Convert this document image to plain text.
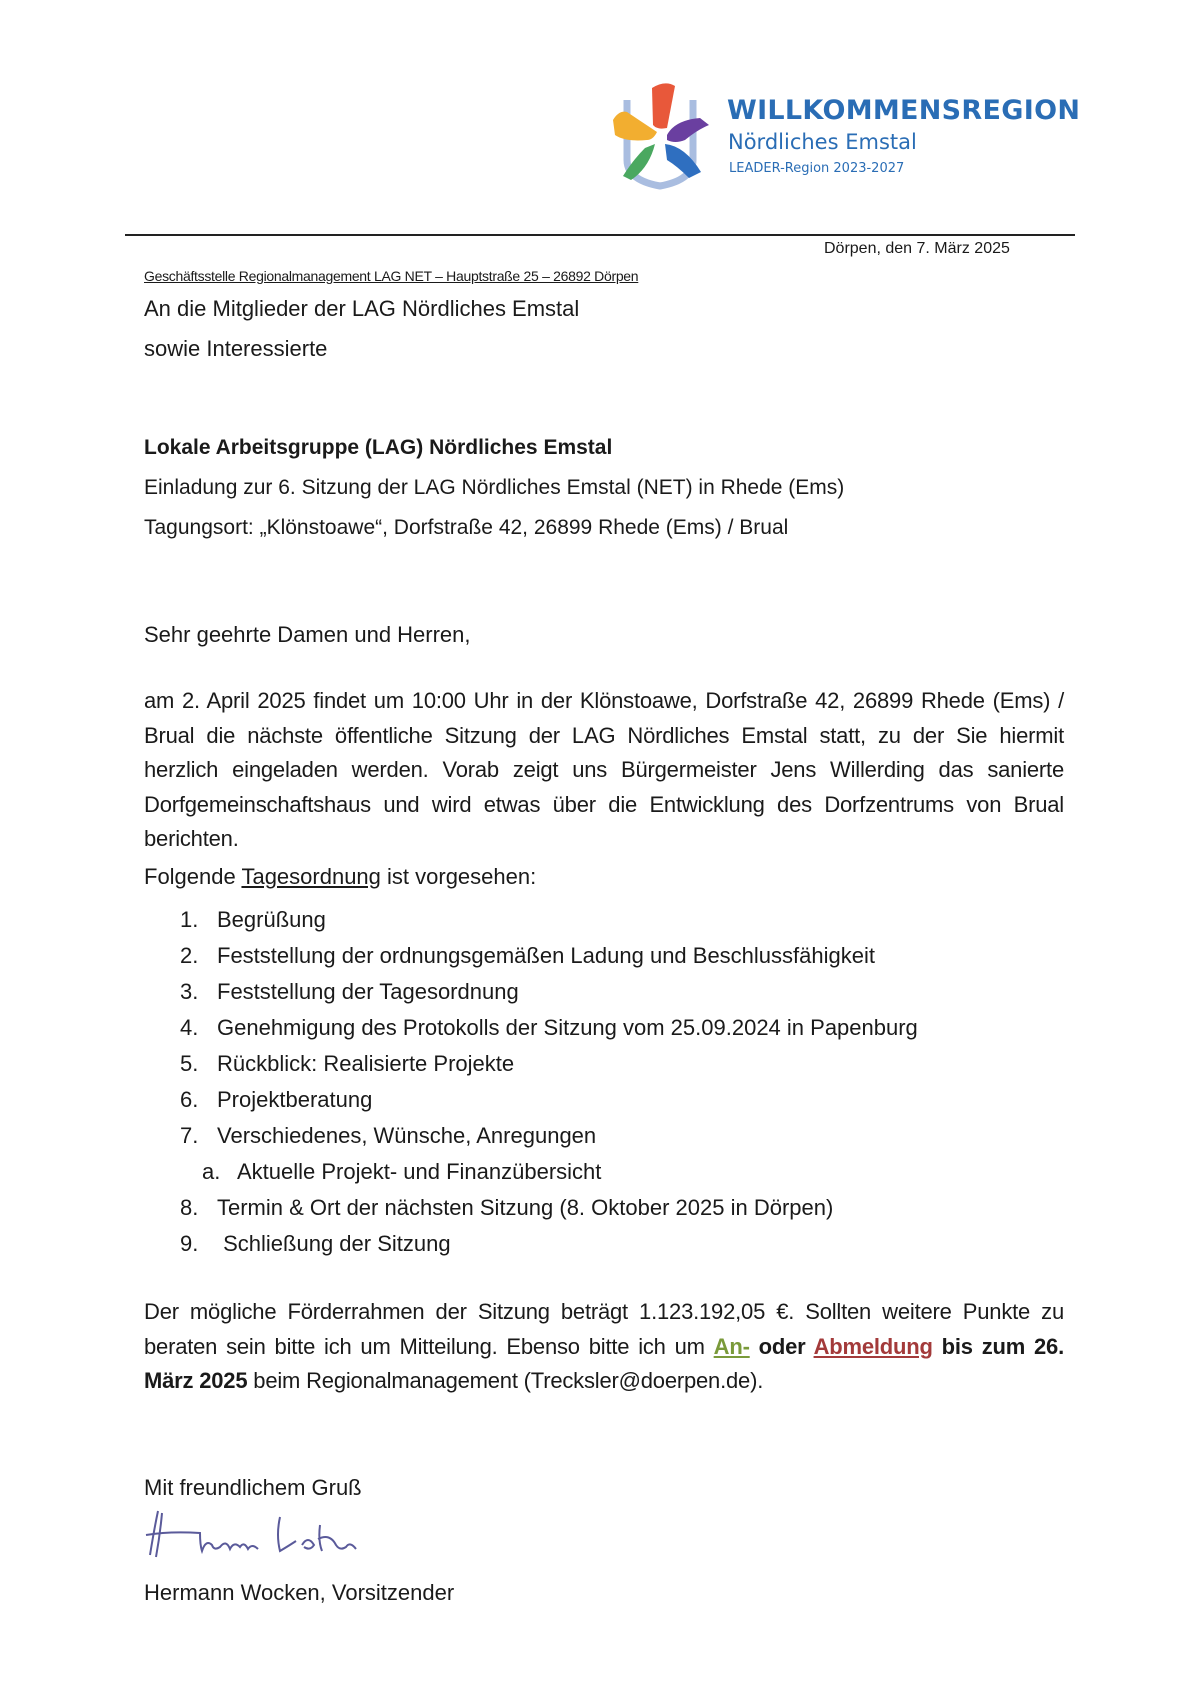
WILLKOMMENSREGION
Nördliches Emstal
LEADER-Region 2023-2027
Dörpen, den 7. März 2025
Geschäftsstelle Regionalmanagement LAG NET – Hauptstraße 25 – 26892 Dörpen
An die Mitglieder der LAG Nördliches Emstal
sowie Interessierte
Lokale Arbeitsgruppe (LAG) Nördliches Emstal
Einladung zur 6. Sitzung der LAG Nördliches Emstal (NET) in Rhede (Ems)
Tagungsort: „Klönstoawe“, Dorfstraße 42, 26899 Rhede (Ems) / Brual
Sehr geehrte Damen und Herren,
am 2. April 2025 findet um 10:00 Uhr in der Klönstoawe, Dorfstraße 42, 26899 Rhede (Ems) / Brual die nächste öffentliche Sitzung der LAG Nördliches Emstal statt, zu der Sie hiermit herzlich eingeladen werden. Vorab zeigt uns Bürgermeister Jens Willerding das sanierte Dorfgemeinschaftshaus und wird etwas über die Entwicklung des Dorfzentrums von Brual berichten.
Folgende Tagesordnung ist vorgesehen:
1. Begrüßung
2. Feststellung der ordnungsgemäßen Ladung und Beschlussfähigkeit
3. Feststellung der Tagesordnung
4. Genehmigung des Protokolls der Sitzung vom 25.09.2024 in Papenburg
5. Rückblick: Realisierte Projekte
6. Projektberatung
7. Verschiedenes, Wünsche, Anregungen
a. Aktuelle Projekt- und Finanzübersicht
8. Termin & Ort der nächsten Sitzung (8. Oktober 2025 in Dörpen)
9. Schließung der Sitzung
Der mögliche Förderrahmen der Sitzung beträgt 1.123.192,05 €. Sollten weitere Punkte zu beraten sein bitte ich um Mitteilung. Ebenso bitte ich um An- oder Abmeldung bis zum 26. März 2025 beim Regionalmanagement (Trecksler@doerpen.de).
Mit freundlichem Gruß
Hermann Wocken, Vorsitzender
